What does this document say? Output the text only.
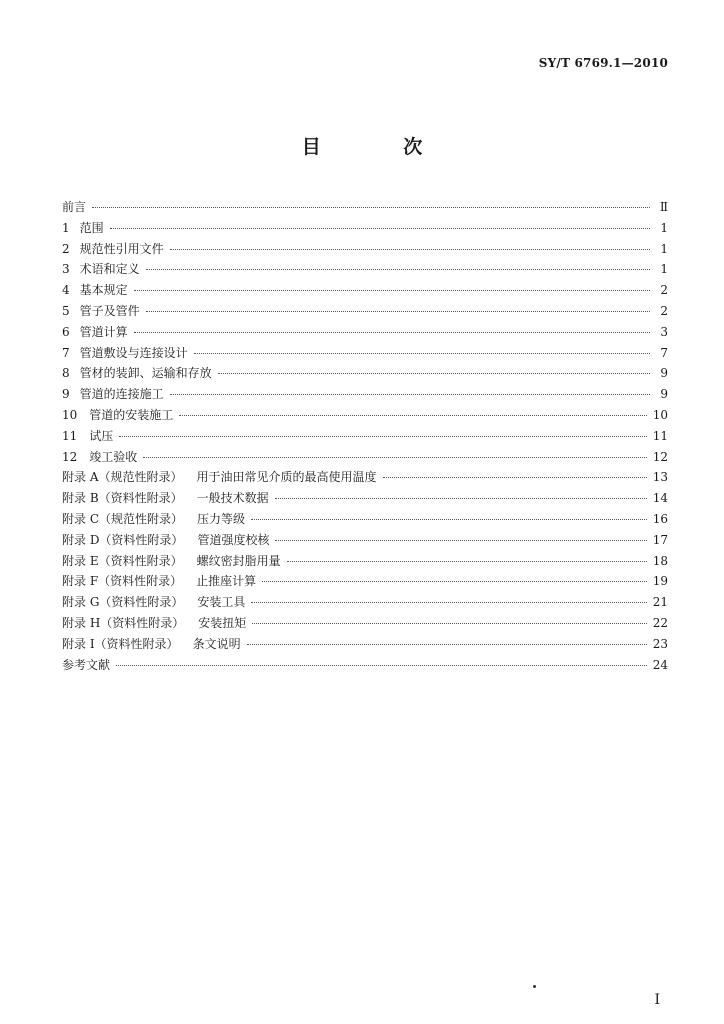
SY/T 6769.1—2010
目 次
前言	Ⅱ
1 范围	1
2 规范性引用文件	1
3 术语和定义	1
4 基本规定	2
5 管子及管件	2
6 管道计算	3
7 管道敷设与连接设计	7
8 管材的装卸、运输和存放	9
9 管道的连接施工	9
10 管道的安装施工	10
11 试压	11
12 竣工验收	12
附录 A（规范性附录） 用于油田常见介质的最高使用温度	13
附录 B（资料性附录） 一般技术数据	14
附录 C（规范性附录） 压力等级	16
附录 D（资料性附录） 管道强度校核	17
附录 E（资料性附录） 螺纹密封脂用量	18
附录 F（资料性附录） 止推座计算	19
附录 G（资料性附录） 安装工具	21
附录 H（资料性附录） 安装扭矩	22
附录 I（资料性附录） 条文说明	23
参考文献	24
Ⅰ
